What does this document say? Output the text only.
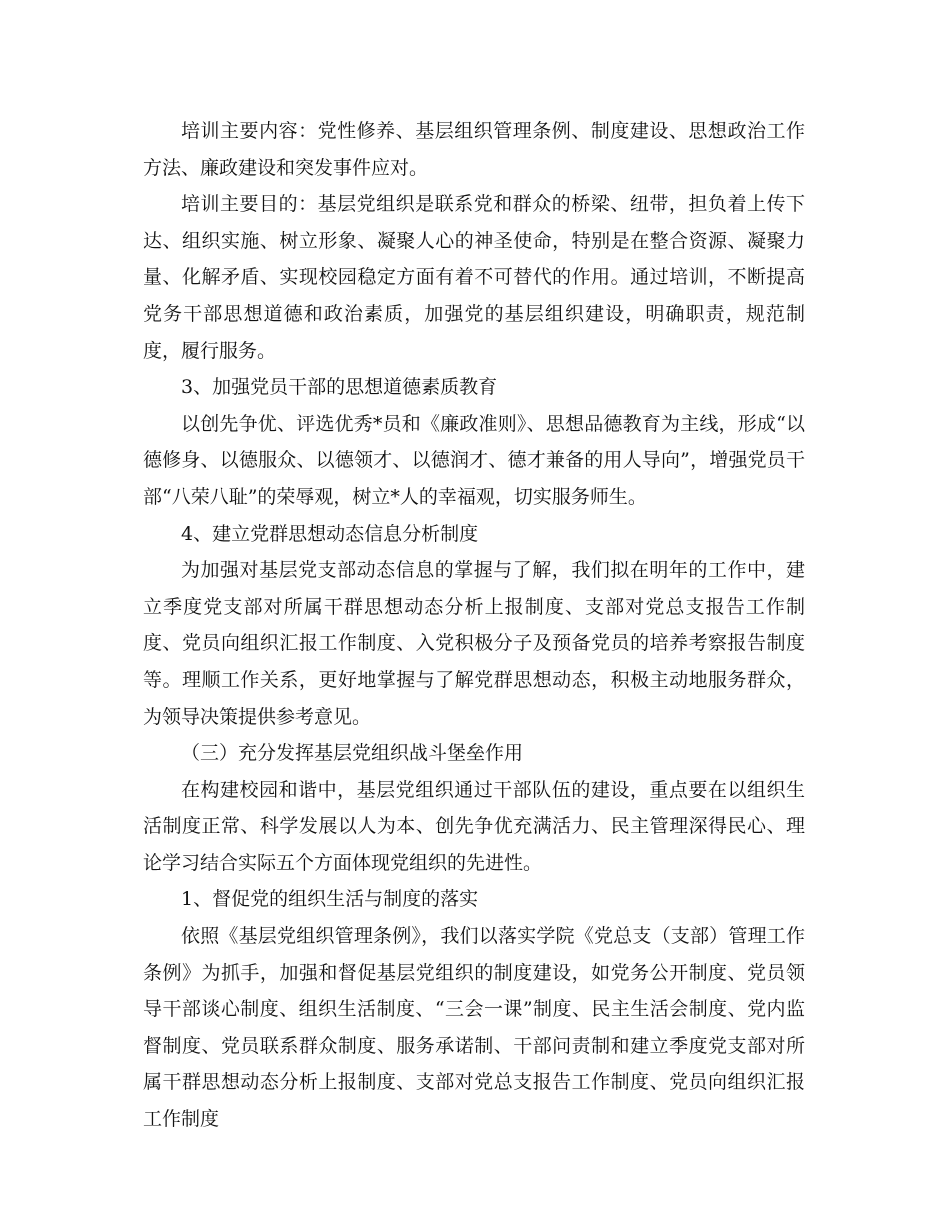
培训主要内容：党性修养、基层组织管理条例、制度建设、思想政治工作方法、廉政建设和突发事件应对。

培训主要目的：基层党组织是联系党和群众的桥梁、纽带，担负着上传下达、组织实施、树立形象、凝聚人心的神圣使命，特别是在整合资源、凝聚力量、化解矛盾、实现校园稳定方面有着不可替代的作用。通过培训，不断提高党务干部思想道德和政治素质，加强党的基层组织建设，明确职责，规范制度，履行服务。

3、加强党员干部的思想道德素质教育

以创先争优、评选优秀*员和《廉政准则》、思想品德教育为主线，形成“以德修身、以德服众、以德领才、以德润才、德才兼备的用人导向”，增强党员干部“八荣八耻”的荣辱观，树立*人的幸福观，切实服务师生。

4、建立党群思想动态信息分析制度

为加强对基层党支部动态信息的掌握与了解，我们拟在明年的工作中，建立季度党支部对所属干群思想动态分析上报制度、支部对党总支报告工作制度、党员向组织汇报工作制度、入党积极分子及预备党员的培养考察报告制度等。理顺工作关系，更好地掌握与了解党群思想动态，积极主动地服务群众，为领导决策提供参考意见。

（三）充分发挥基层党组织战斗堡垒作用

在构建校园和谐中，基层党组织通过干部队伍的建设，重点要在以组织生活制度正常、科学发展以人为本、创先争优充满活力、民主管理深得民心、理论学习结合实际五个方面体现党组织的先进性。

1、督促党的组织生活与制度的落实

依照《基层党组织管理条例》，我们以落实学院《党总支（支部）管理工作条例》为抓手，加强和督促基层党组织的制度建设，如党务公开制度、党员领导干部谈心制度、组织生活制度、“三会一课”制度、民主生活会制度、党内监督制度、党员联系群众制度、服务承诺制、干部问责制和建立季度党支部对所属干群思想动态分析上报制度、支部对党总支报告工作制度、党员向组织汇报工作制度
